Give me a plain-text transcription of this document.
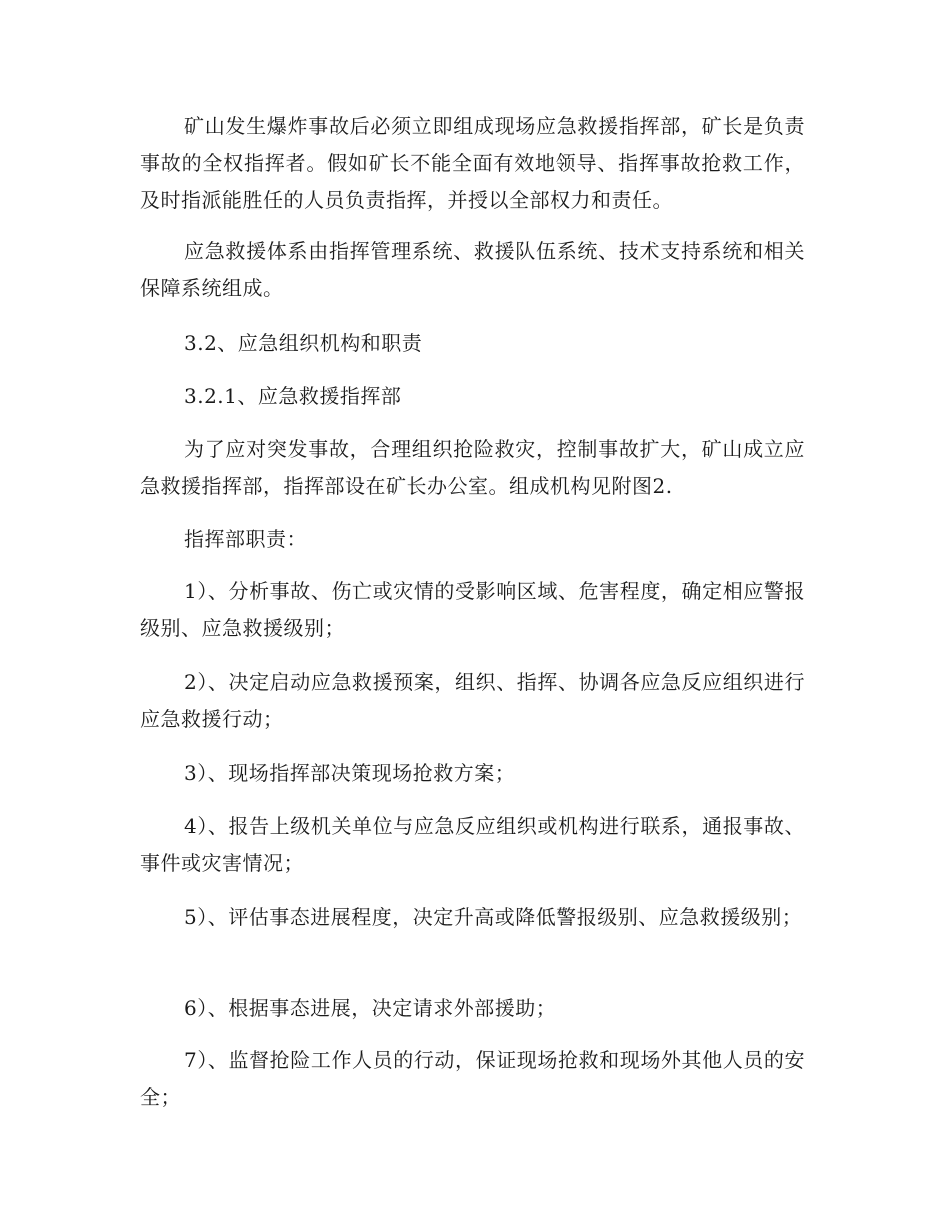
矿山发生爆炸事故后必须立即组成现场应急救援指挥部，矿长是负责事故的全权指挥者。假如矿长不能全面有效地领导、指挥事故抢救工作，及时指派能胜任的人员负责指挥，并授以全部权力和责任。

应急救援体系由指挥管理系统、救援队伍系统、技术支持系统和相关保障系统组成。

3.2、应急组织机构和职责

3.2.1、应急救援指挥部

为了应对突发事故，合理组织抢险救灾，控制事故扩大，矿山成立应急救援指挥部，指挥部设在矿长办公室。组成机构见附图2.

指挥部职责：

1）、分析事故、伤亡或灾情的受影响区域、危害程度，确定相应警报级别、应急救援级别；

2）、决定启动应急救援预案，组织、指挥、协调各应急反应组织进行应急救援行动；

3）、现场指挥部决策现场抢救方案；

4）、报告上级机关单位与应急反应组织或机构进行联系，通报事故、事件或灾害情况；

5）、评估事态进展程度，决定升高或降低警报级别、应急救援级别；

6）、根据事态进展，决定请求外部援助；

7）、监督抢险工作人员的行动，保证现场抢救和现场外其他人员的安全；
